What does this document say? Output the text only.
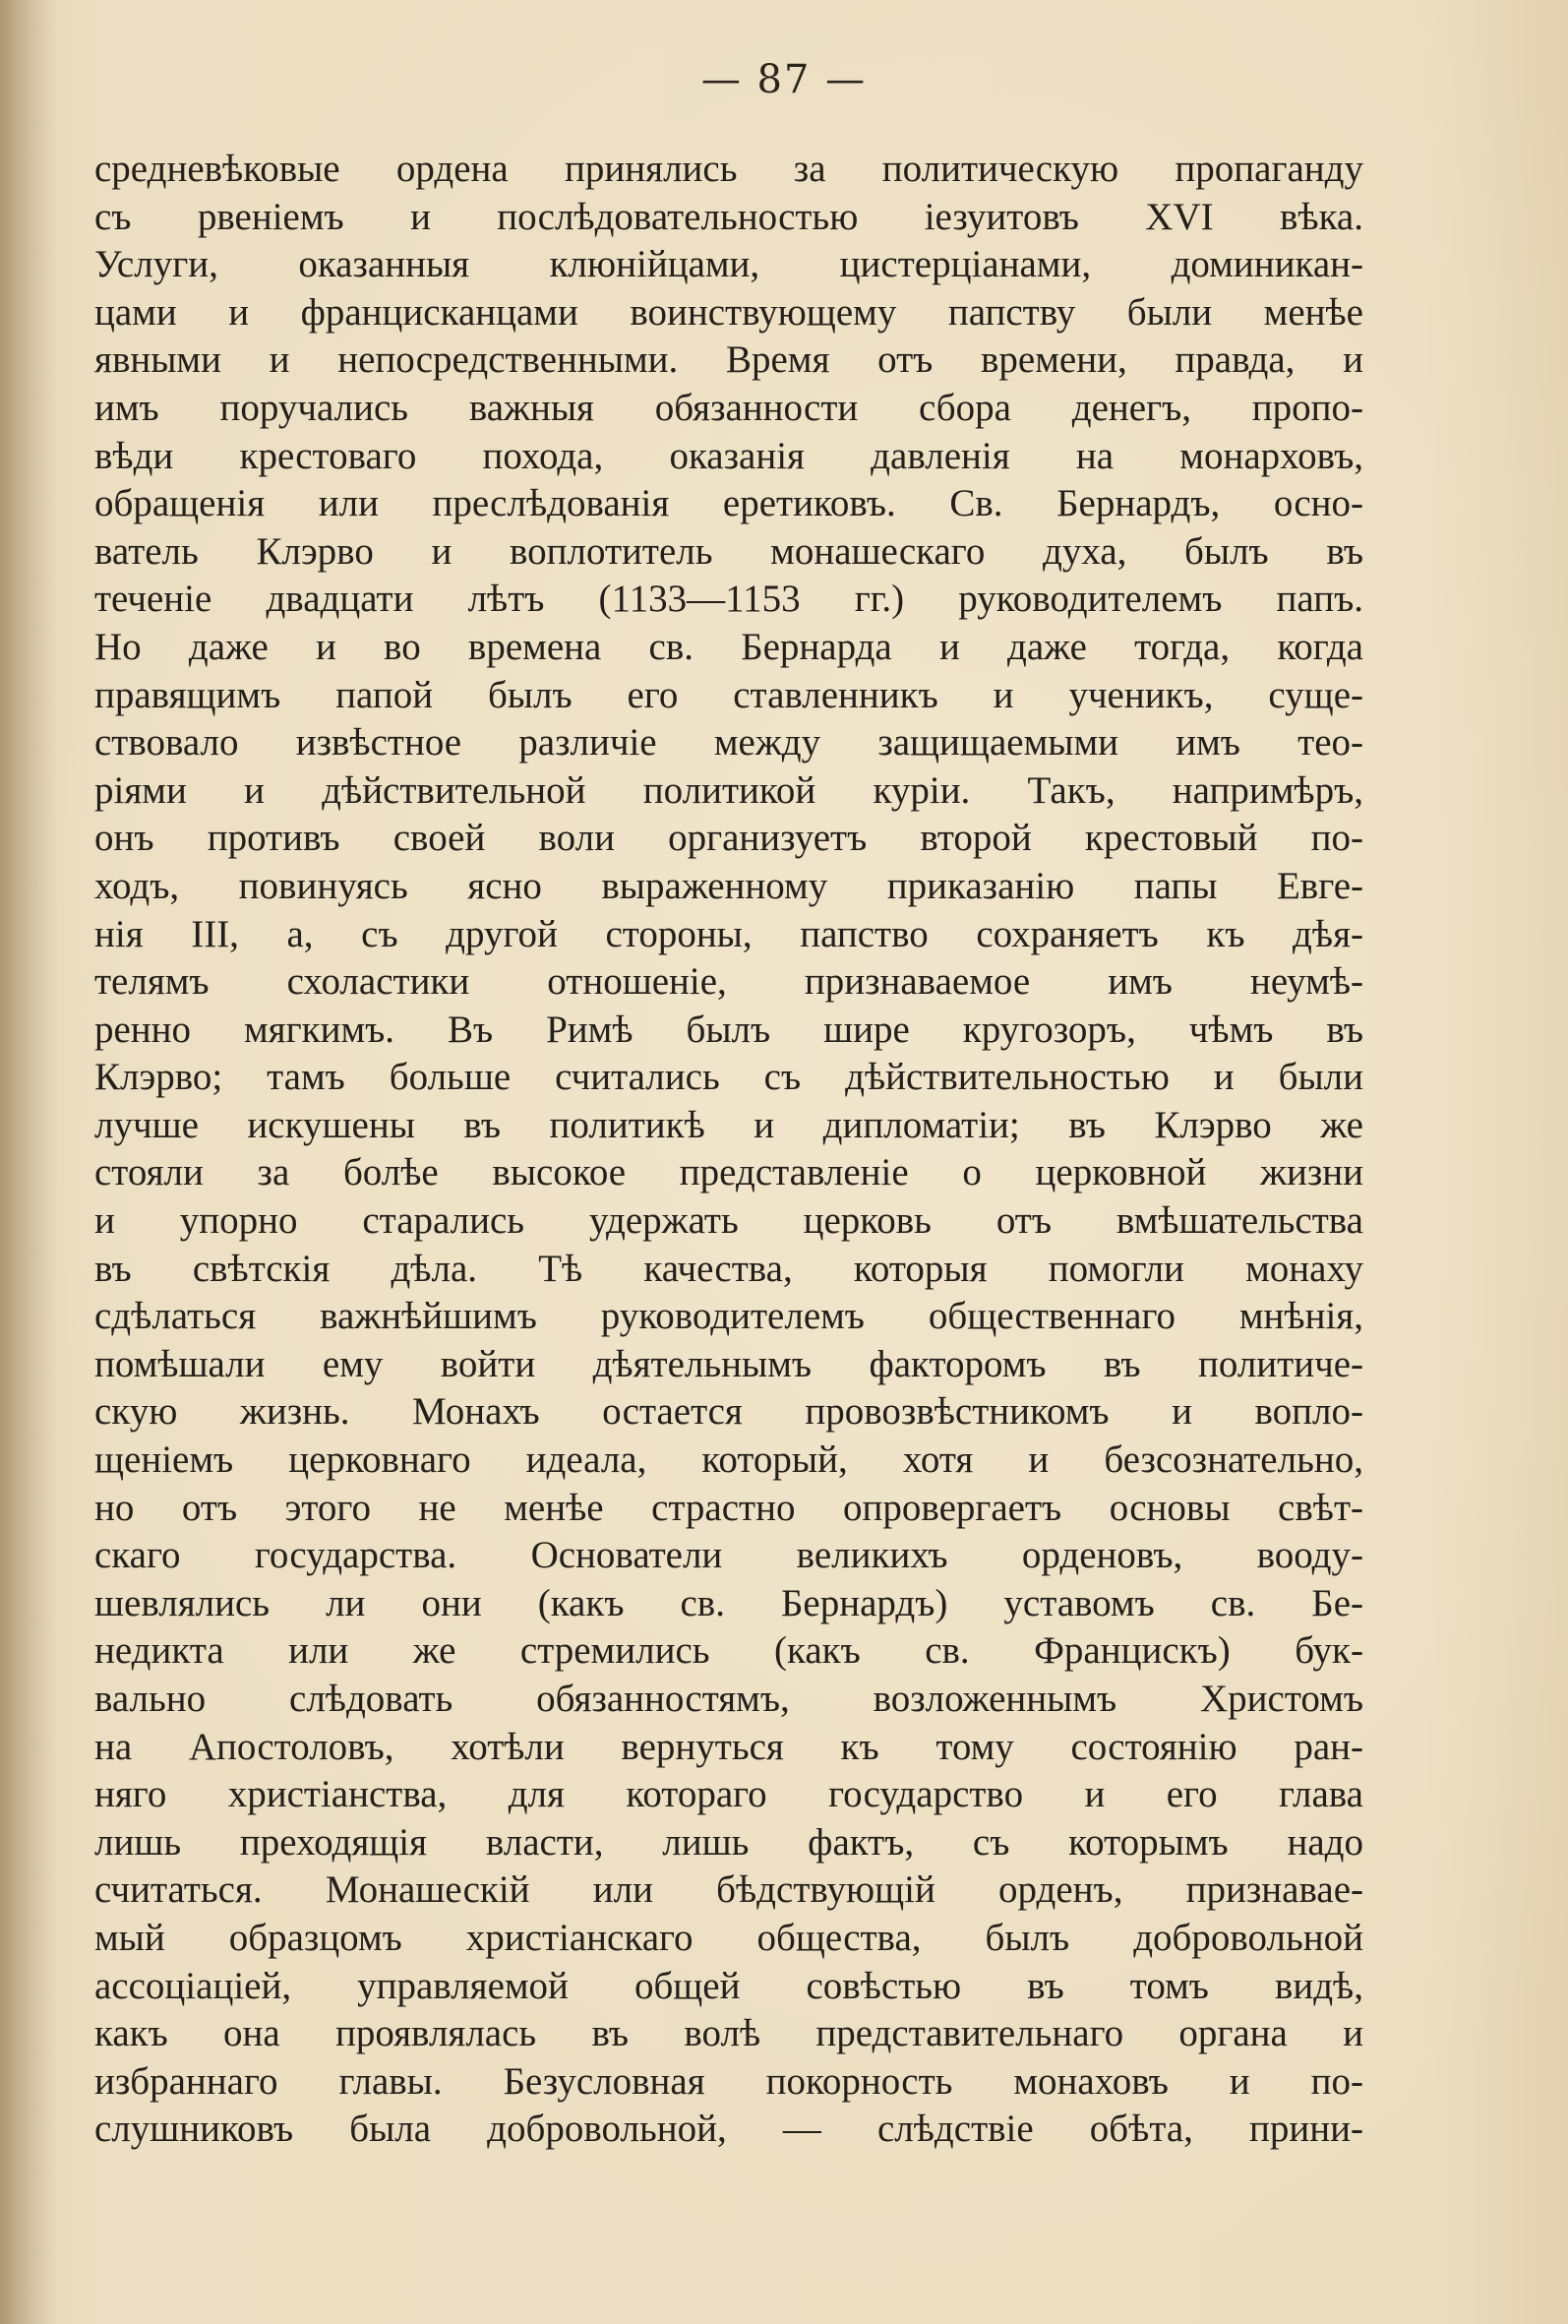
— 87 —
средневѣковые ордена принялись за политическую пропаганду
съ рвеніемъ и послѣдовательностью іезуитовъ XVI вѣка.
Услуги, оказанныя клюнійцами, цистерціанами, доминикан-
цами и францисканцами воинствующему папству были менѣе
явными и непосредственными. Время отъ времени, правда, и
имъ поручались важныя обязанности сбора денегъ, пропо-
вѣди крестоваго похода, оказанія давленія на монарховъ,
обращенія или преслѣдованія еретиковъ. Св. Бернардъ, осно-
ватель Клэрво и воплотитель монашескаго духа, былъ въ
теченіе двадцати лѣтъ (1133—1153 гг.) руководителемъ папъ.
Но даже и во времена св. Бернарда и даже тогда, когда
правящимъ папой былъ его ставленникъ и ученикъ, суще-
ствовало извѣстное различіе между защищаемыми имъ тео-
ріями и дѣйствительной политикой куріи. Такъ, напримѣръ,
онъ противъ своей воли организуетъ второй крестовый по-
ходъ, повинуясь ясно выраженному приказанію папы Евге-
нія III, а, съ другой стороны, папство сохраняетъ къ дѣя-
телямъ схоластики отношеніе, признаваемое имъ неумѣ-
ренно мягкимъ. Въ Римѣ былъ шире кругозоръ, чѣмъ въ
Клэрво; тамъ больше считались съ дѣйствительностью и были
лучше искушены въ политикѣ и дипломатіи; въ Клэрво же
стояли за болѣе высокое представленіе о церковной жизни
и упорно старались удержать церковь отъ вмѣшательства
въ свѣтскія дѣла. Тѣ качества, которыя помогли монаху
сдѣлаться важнѣйшимъ руководителемъ общественнаго мнѣнія,
помѣшали ему войти дѣятельнымъ факторомъ въ политиче-
скую жизнь. Монахъ остается провозвѣстникомъ и вопло-
щеніемъ церковнаго идеала, который, хотя и безсознательно,
но отъ этого не менѣе страстно опровергаетъ основы свѣт-
скаго государства. Основатели великихъ орденовъ, вооду-
шевлялись ли они (какъ св. Бернардъ) уставомъ св. Бе-
недикта или же стремились (какъ св. Францискъ) бук-
вально слѣдовать обязанностямъ, возложеннымъ Христомъ
на Апостоловъ, хотѣли вернуться къ тому состоянію ран-
няго христіанства, для котораго государство и его глава
лишь преходящія власти, лишь фактъ, съ которымъ надо
считаться. Монашескій или бѣдствующій орденъ, признавае-
мый образцомъ христіанскаго общества, былъ добровольной
ассоціацiей, управляемой общей совѣстью въ томъ видѣ,
какъ она проявлялась въ волѣ представительнаго органа и
избраннаго главы. Безусловная покорность монаховъ и по-
слушниковъ была добровольной, — слѣдствіе обѣта, прини-
